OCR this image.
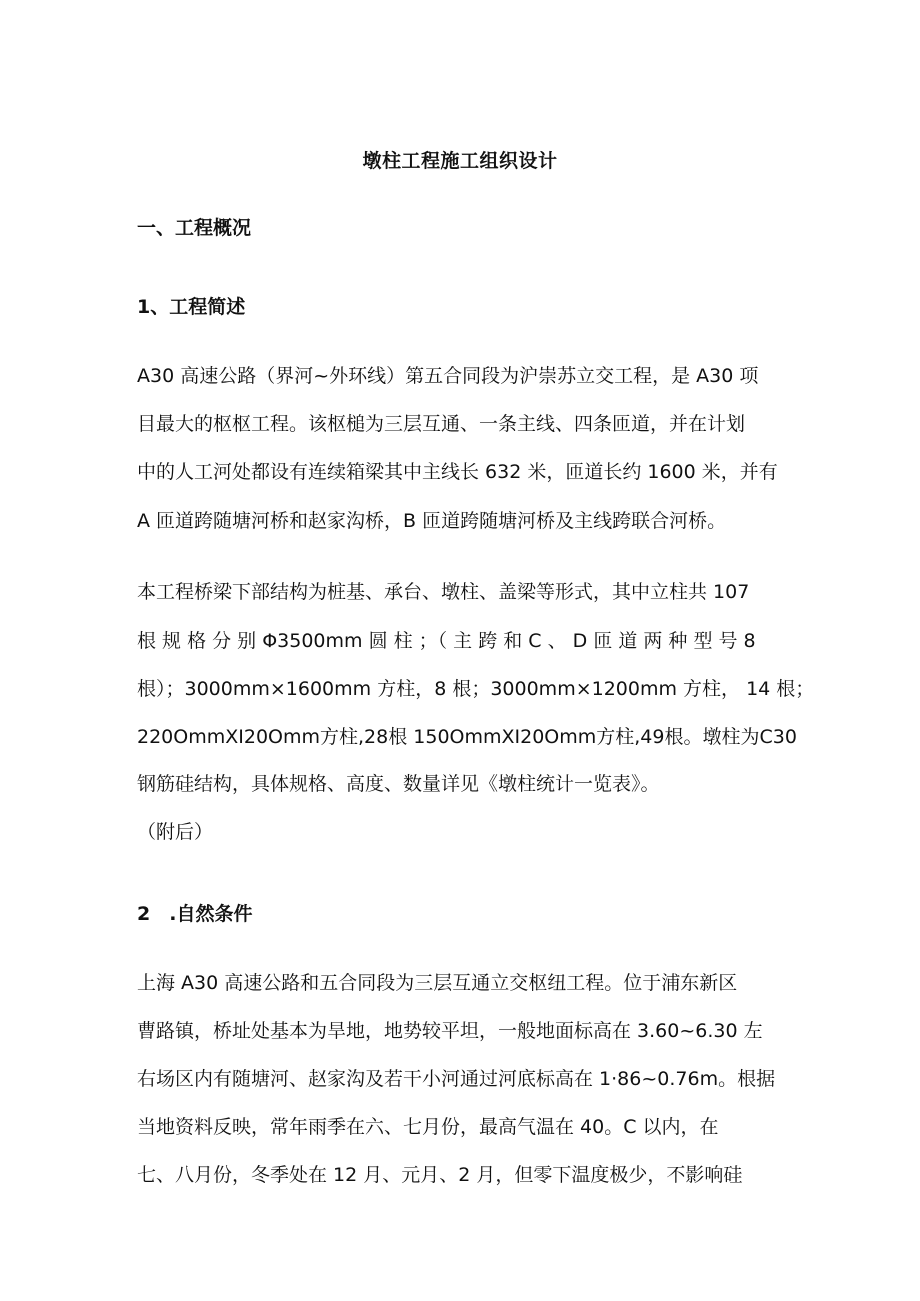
墩柱工程施工组织设计
一、工程概况
1、工程简述
A30 高速公路（界河~外环线）第五合同段为沪崇苏立交工程，是 A30 项
目最大的枢枢工程。该枢槌为三层互通、一条主线、四条匝道，并在计划
中的人工河处都设有连续箱梁其中主线长 632 米，匝道长约 1600 米，并有
A 匝道跨随塘河桥和赵家沟桥，B 匝道跨随塘河桥及主线跨联合河桥。
本工程桥梁下部结构为桩基、承台、墩柱、盖梁等形式，其中立柱共 107
根 规 格 分 别 Φ3500mm 圆 柱 ；（ 主 跨 和 C 、 D 匝 道 两 种 型 号 8
根）；3000mm×1600mm 方柱，8 根；3000mm×1200mm 方柱， 14 根；
220OmmXI20Omm方柱,28根 150OmmXI20Omm方柱,49根。墩柱为C30
钢筋硅结构，具体规格、高度、数量详见《墩柱统计一览表》。
（附后）
2　.自然条件
上海 A30 高速公路和五合同段为三层互通立交枢纽工程。位于浦东新区
曹路镇，桥址处基本为旱地，地势较平坦，一般地面标高在 3.60~6.30 左
右场区内有随塘河、赵家沟及若干小河通过河底标高在 1·86~0.76m。根据
当地资料反映，常年雨季在六、七月份，最高气温在 40。C 以内，在
七、八月份，冬季处在 12 月、元月、2 月，但零下温度极少，不影响硅
